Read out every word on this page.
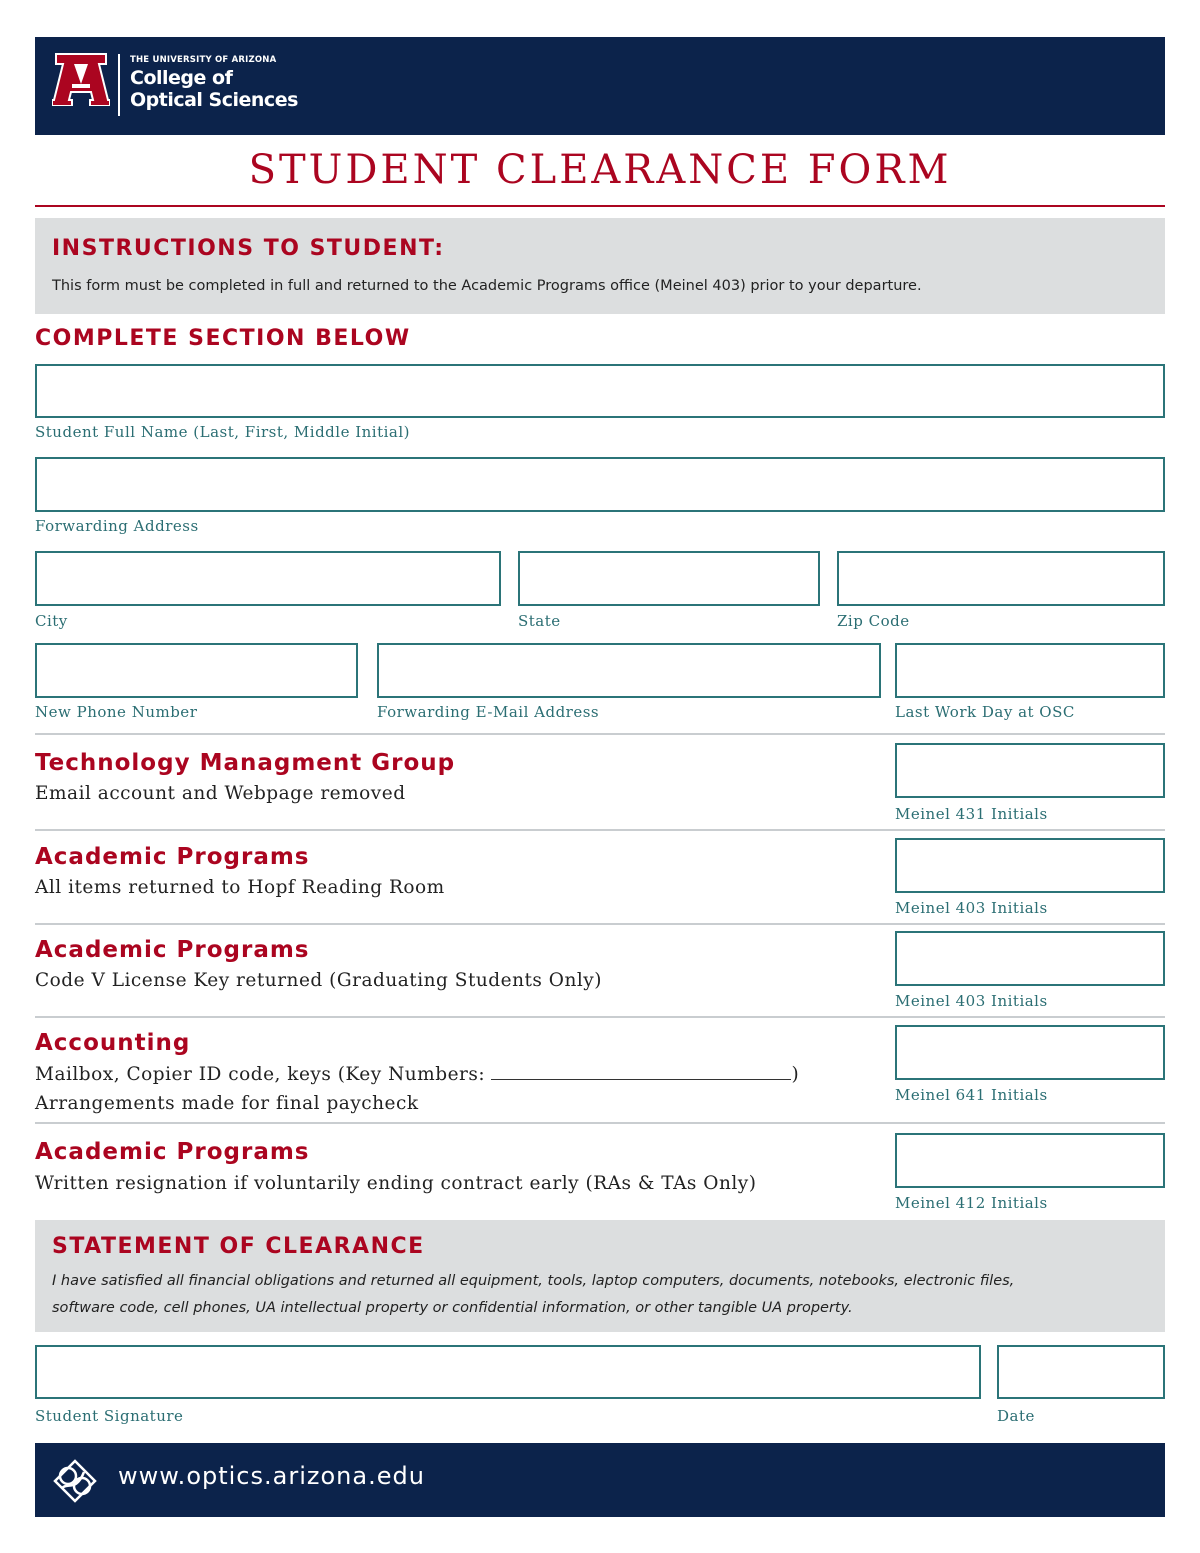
THE UNIVERSITY OF ARIZONA
College of
Optical Sciences
STUDENT CLEARANCE FORM
INSTRUCTIONS TO STUDENT:
This form must be completed in full and returned to the Academic Programs office (Meinel 403) prior to your departure.
COMPLETE SECTION BELOW
Student Full Name (Last, First, Middle Initial)
Forwarding Address
City	State	Zip Code
New Phone Number	Forwarding E-Mail Address	Last Work Day at OSC
Technology Managment Group
Email account and Webpage removed
Meinel 431 Initials
Academic Programs
All items returned to Hopf Reading Room
Meinel 403 Initials
Academic Programs
Code V License Key returned (Graduating Students Only)
Meinel 403 Initials
Accounting
Mailbox, Copier ID code, keys (Key Numbers:	)
Arrangements made for final paycheck	Meinel 641 Initials
Academic Programs
Written resignation if voluntarily ending contract early (RAs & TAs Only)
Meinel 412 Initials
STATEMENT OF CLEARANCE
I have satisfied all financial obligations and returned all equipment, tools, laptop computers, documents, notebooks, electronic files,
software code, cell phones, UA intellectual property or confidential information, or other tangible UA property.
Student Signature	Date
www.optics.arizona.edu
